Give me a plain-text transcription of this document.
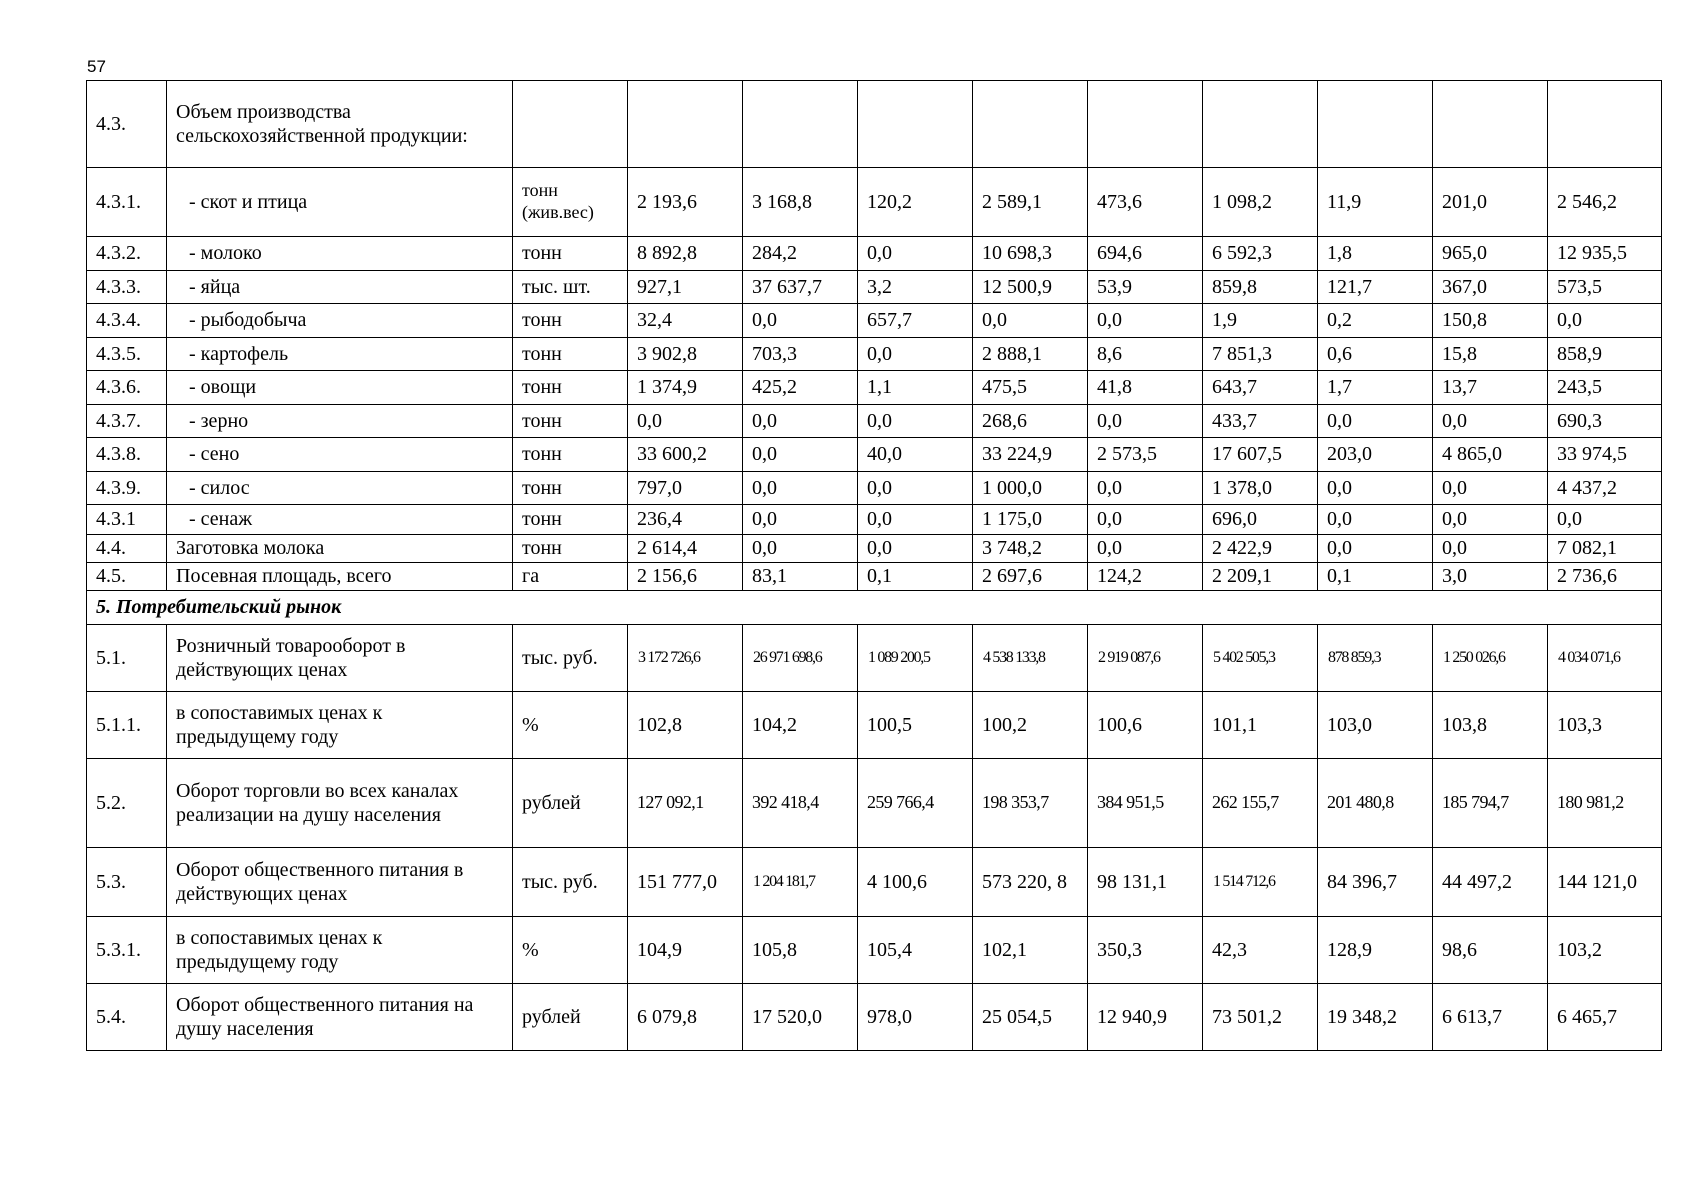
57
4.3.	Объем производства сельскохозяйственной продукции:										
4.3.1.	- скот и птица	тонн (жив.вес)	2 193,6	3 168,8	120,2	2 589,1	473,6	1 098,2	11,9	201,0	2 546,2
4.3.2.	- молоко	тонн	8 892,8	284,2	0,0	10 698,3	694,6	6 592,3	1,8	965,0	12 935,5
4.3.3.	- яйца	тыс. шт.	927,1	37 637,7	3,2	12 500,9	53,9	859,8	121,7	367,0	573,5
4.3.4.	- рыбодобыча	тонн	32,4	0,0	657,7	0,0	0,0	1,9	0,2	150,8	0,0
4.3.5.	- картофель	тонн	3 902,8	703,3	0,0	2 888,1	8,6	7 851,3	0,6	15,8	858,9
4.3.6.	- овощи	тонн	1 374,9	425,2	1,1	475,5	41,8	643,7	1,7	13,7	243,5
4.3.7.	- зерно	тонн	0,0	0,0	0,0	268,6	0,0	433,7	0,0	0,0	690,3
4.3.8.	- сено	тонн	33 600,2	0,0	40,0	33 224,9	2 573,5	17 607,5	203,0	4 865,0	33 974,5
4.3.9.	- силос	тонн	797,0	0,0	0,0	1 000,0	0,0	1 378,0	0,0	0,0	4 437,2
4.3.1	- сенаж	тонн	236,4	0,0	0,0	1 175,0	0,0	696,0	0,0	0,0	0,0
4.4.	Заготовка молока	тонн	2 614,4	0,0	0,0	3 748,2	0,0	2 422,9	0,0	0,0	7 082,1
4.5.	Посевная площадь, всего	га	2 156,6	83,1	0,1	2 697,6	124,2	2 209,1	0,1	3,0	2 736,6
5. Потребительский рынок											
5.1.	Розничный товарооборот в действующих ценах	тыс. руб.	3 172 726,6	26 971 698,6	1 089 200,5	4 538 133,8	2 919 087,6	5 402 505,3	878 859,3	1 250 026,6	4 034 071,6
5.1.1.	в сопоставимых ценах к предыдущему году	%	102,8	104,2	100,5	100,2	100,6	101,1	103,0	103,8	103,3
5.2.	Оборот торговли во всех каналах реализации на душу населения	рублей	127 092,1	392 418,4	259 766,4	198 353,7	384 951,5	262 155,7	201 480,8	185 794,7	180 981,2
5.3.	Оборот общественного питания в действующих ценах	тыс. руб.	151 777,0	1 204 181,7	4 100,6	573 220, 8	98 131,1	1 514 712,6	84 396,7	44 497,2	144 121,0
5.3.1.	в сопоставимых ценах к предыдущему году	%	104,9	105,8	105,4	102,1	350,3	42,3	128,9	98,6	103,2
5.4.	Оборот общественного питания на душу населения	рублей	6 079,8	17 520,0	978,0	25 054,5	12 940,9	73 501,2	19 348,2	6 613,7	6 465,7
